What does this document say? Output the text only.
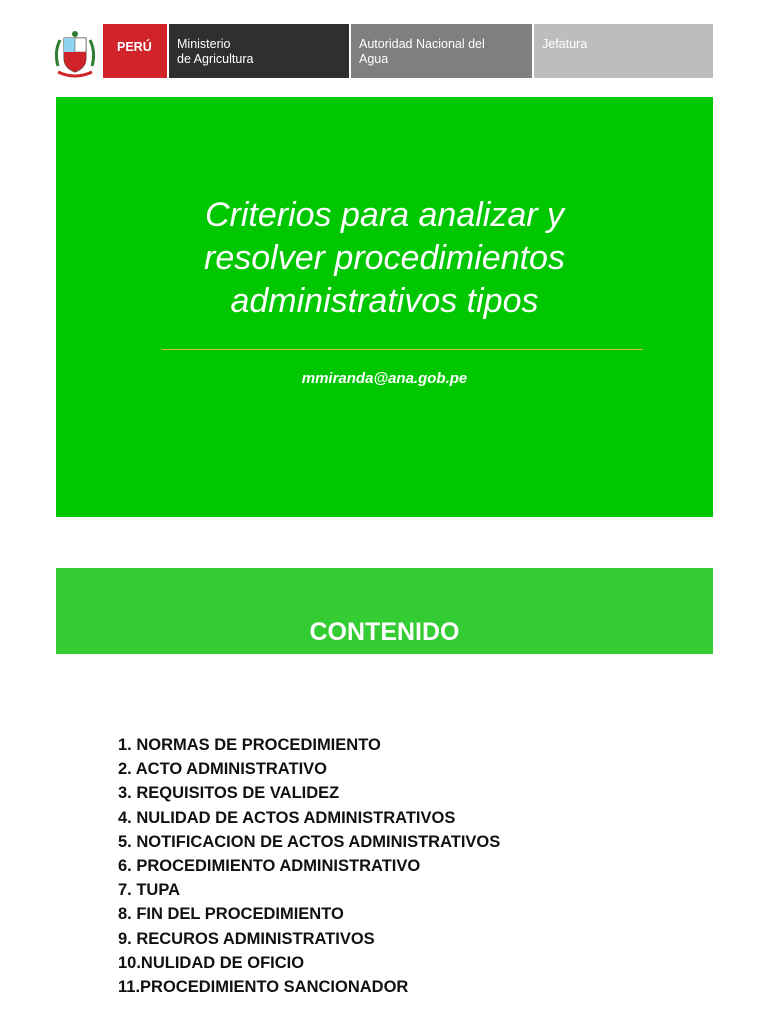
PERÚ	Ministerio
de Agricultura
Autoridad Nacional del
Agua
Jefatura
Criterios para analizar y
resolver procedimientos
administrativos tipos
mmiranda@ana.gob.pe
CONTENIDO
1. NORMAS DE PROCEDIMIENTO
2. ACTO ADMINISTRATIVO
3. REQUISITOS DE VALIDEZ
4. NULIDAD DE ACTOS ADMINISTRATIVOS
5. NOTIFICACION DE ACTOS ADMINISTRATIVOS
6. PROCEDIMIENTO ADMINISTRATIVO
7. TUPA
8. FIN DEL PROCEDIMIENTO
9. RECUROS ADMINISTRATIVOS
10.NULIDAD DE OFICIO
11.PROCEDIMIENTO SANCIONADOR
